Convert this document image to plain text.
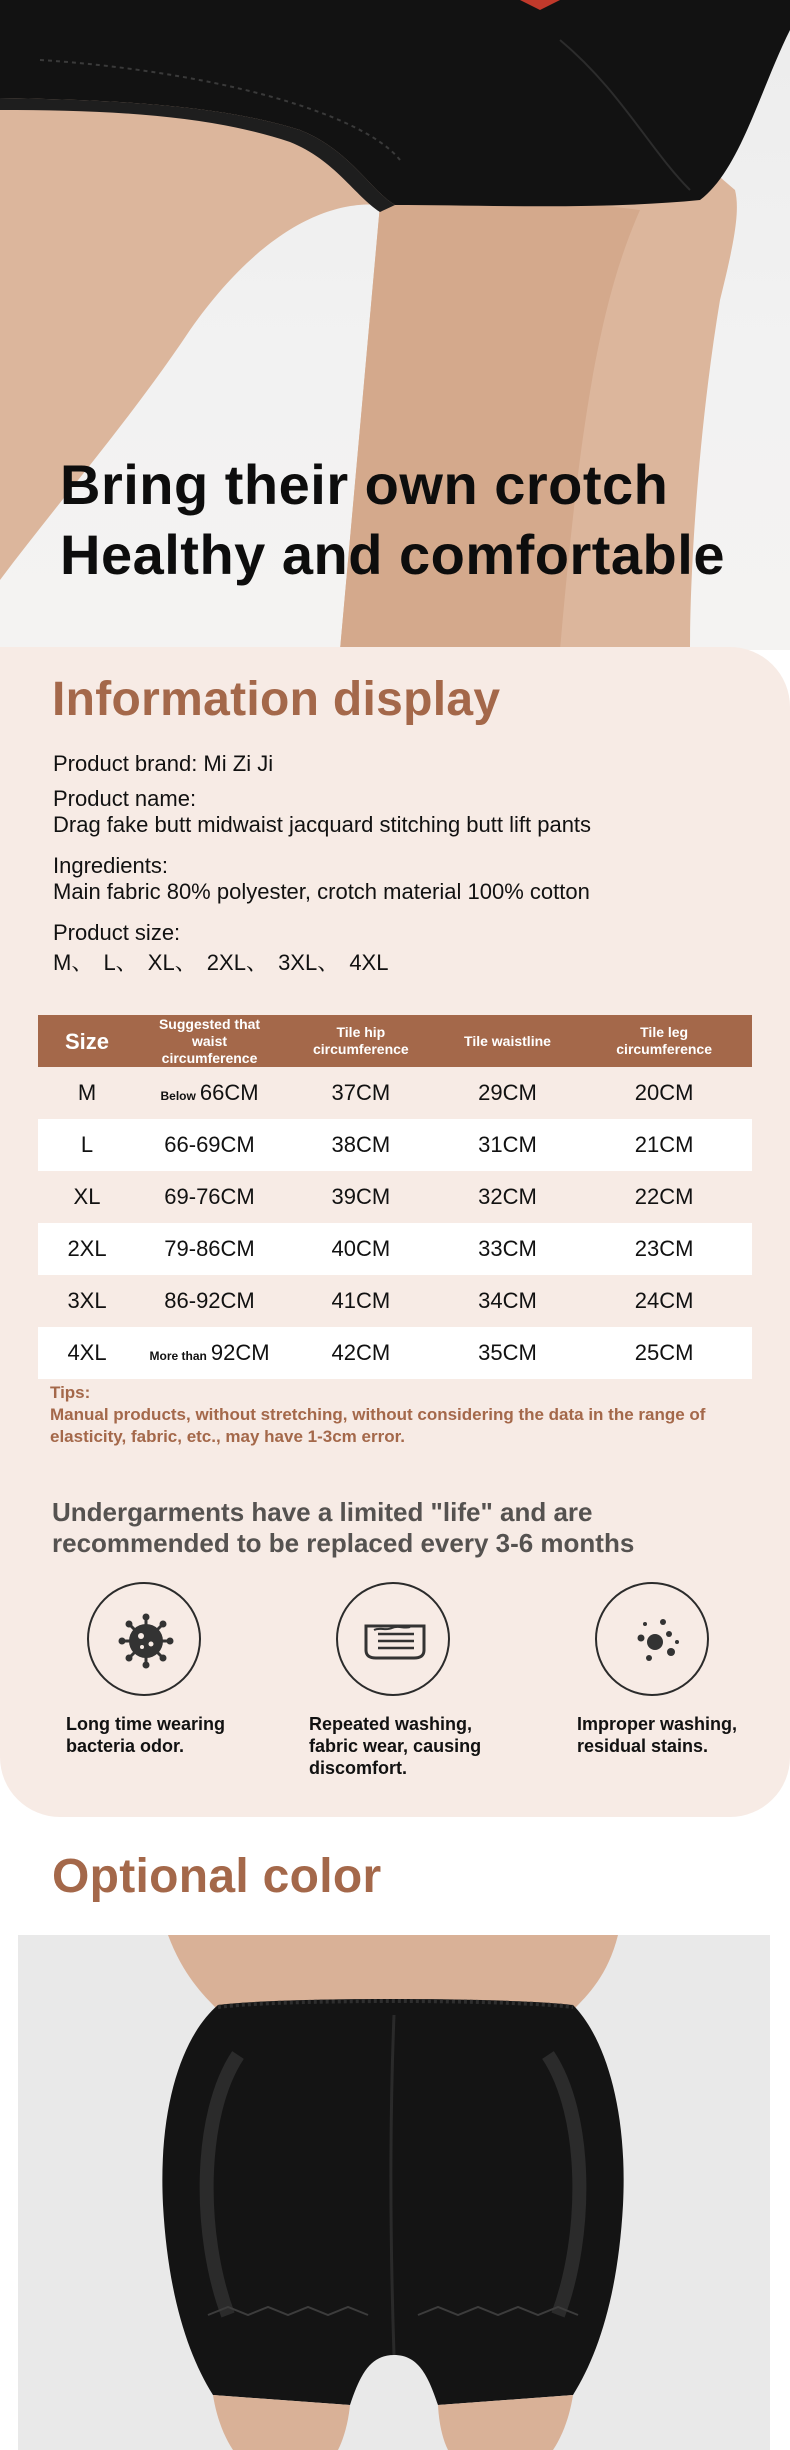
Bring their own crotch
Healthy and comfortable
Information display
Product brand: Mi Zi Ji
Product name:
Drag fake butt midwaist jacquard stitching butt lift pants
Ingredients:
Main fabric 80% polyester, crotch material 100% cotton
Product size:
M、 L、 XL、 2XL、 3XL、 4XL
Size	Suggested that waist circumference	Tile hip circumference	Tile waistline	Tile leg circumference
M	Below 66CM	37CM	29CM	20CM
L	66-69CM	38CM	31CM	21CM
XL	69-76CM	39CM	32CM	22CM
2XL	79-86CM	40CM	33CM	23CM
3XL	86-92CM	41CM	34CM	24CM
4XL	More than 92CM	42CM	35CM	25CM
Tips:
Manual products, without stretching, without considering the data in the range of elasticity, fabric, etc., may have 1-3cm error.
Undergarments have a limited "life" and are recommended to be replaced every 3-6 months
Long time wearing bacteria odor.
Repeated washing, fabric wear, causing discomfort.
Improper washing, residual stains.
Optional color
